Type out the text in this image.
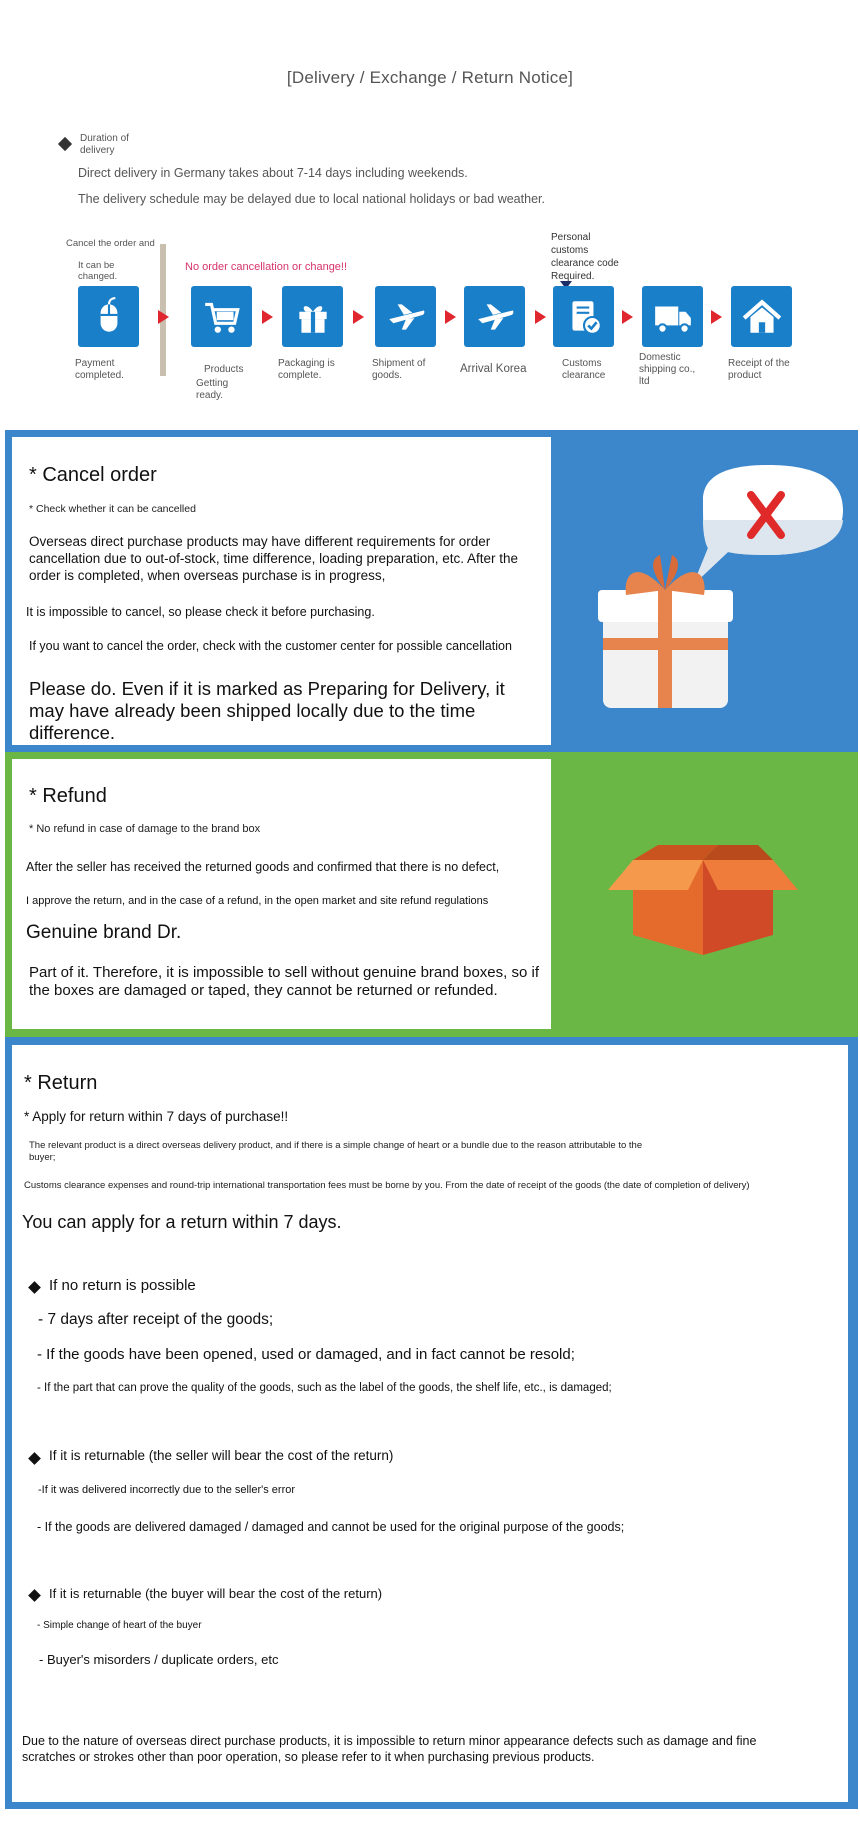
[Delivery / Exchange / Return Notice]
Duration of delivery
Direct delivery in Germany takes about 7-14 days including weekends.
The delivery schedule may be delayed due to local national holidays or bad weather.
Cancel the order and
It can be changed.
No order cancellation or change!!
Personal customs clearance code Required.
Payment completed.
Products
Getting ready.
Packaging is complete.
Shipment of goods.
Arrival Korea	Customs clearance
Domestic shipping co., ltd
Receipt of the product
* Cancel order
* Check whether it can be cancelled
Overseas direct purchase products may have different requirements for order cancellation due to out-of-stock, time difference, loading preparation, etc. After the order is completed, when overseas purchase is in progress,
It is impossible to cancel, so please check it before purchasing.
If you want to cancel the order, check with the customer center for possible cancellation
Please do. Even if it is marked as Preparing for Delivery, it may have already been shipped locally due to the time difference.
* Refund
* No refund in case of damage to the brand box
After the seller has received the returned goods and confirmed that there is no defect,
I approve the return, and in the case of a refund, in the open market and site refund regulations
Genuine brand Dr.
Part of it. Therefore, it is impossible to sell without genuine brand boxes, so if the boxes are damaged or taped, they cannot be returned or refunded.
* Return
* Apply for return within 7 days of purchase!!
The relevant product is a direct overseas delivery product, and if there is a simple change of heart or a bundle due to the reason attributable to the buyer;
Customs clearance expenses and round-trip international transportation fees must be borne by you. From the date of receipt of the goods (the date of completion of delivery)
You can apply for a return within 7 days.
If no return is possible
- 7 days after receipt of the goods;
- If the goods have been opened, used or damaged, and in fact cannot be resold;
- If the part that can prove the quality of the goods, such as the label of the goods, the shelf life, etc., is damaged;
If it is returnable (the seller will bear the cost of the return)
-If it was delivered incorrectly due to the seller's error
- If the goods are delivered damaged / damaged and cannot be used for the original purpose of the goods;
If it is returnable (the buyer will bear the cost of the return)
- Simple change of heart of the buyer
- Buyer's misorders / duplicate orders, etc
Due to the nature of overseas direct purchase products, it is impossible to return minor appearance defects such as damage and fine scratches or strokes other than poor operation, so please refer to it when purchasing previous products.
